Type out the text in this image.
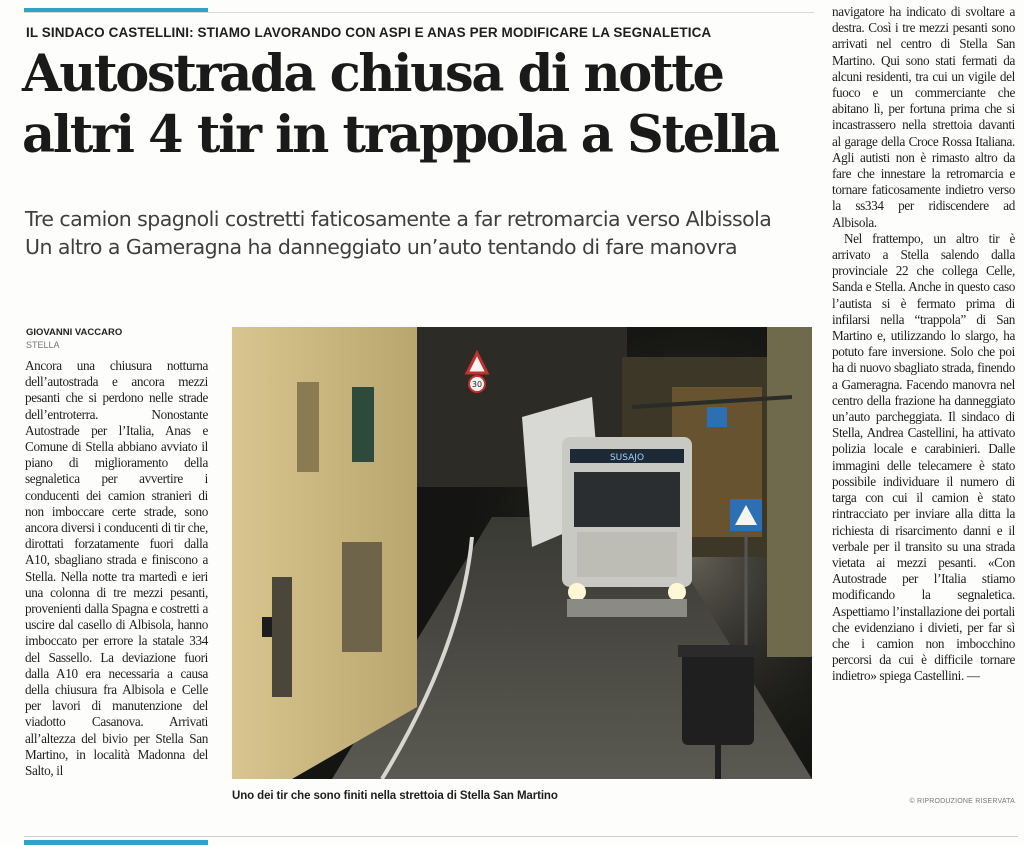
IL SINDACO CASTELLINI: STIAMO LAVORANDO CON ASPI E ANAS PER MODIFICARE LA SEGNALETICA
Autostrada chiusa di notte
altri 4 tir in trappola a Stella
Tre camion spagnoli costretti faticosamente a far retromarcia verso Albissola
Un altro a Gameragna ha danneggiato un’auto tentando di fare manovra
GIOVANNI VACCARO
STELLA

Ancora una chiusura notturna dell’autostrada e ancora mezzi pesanti che si perdono nelle strade dell’entroterra. Nonostante Autostrade per l’Italia, Anas e Comune di Stella abbiano avviato il piano di miglioramento della segnaletica per avvertire i conducenti dei camion stranieri di non imboccare certe strade, sono ancora diversi i conducenti di tir che, dirottati forzatamente fuori dalla A10, sbagliano strada e finiscono a Stella. Nella notte tra martedì e ieri una colonna di tre mezzi pesanti, provenienti dalla Spagna e costretti a uscire dal casello di Albisola, hanno imboccato per errore la statale 334 del Sassello. La deviazione fuori dalla A10 era necessaria a causa della chiusura fra Albisola e Celle per lavori di manutenzione del viadotto Casanova. Arrivati all’altezza del bivio per Stella San Martino, in località Madonna del Salto, il

navigatore ha indicato di svoltare a destra. Così i tre mezzi pesanti sono arrivati nel centro di Stella San Martino. Qui sono stati fermati da alcuni residenti, tra cui un vigile del fuoco e un commerciante che abitano lì, per fortuna prima che si incastrassero nella strettoia davanti al garage della Croce Rossa Italiana. Agli autisti non è rimasto altro da fare che innestare la retromarcia e tornare faticosamente indietro verso la ss334 per ridiscendere ad Albisola.

Nel frattempo, un altro tir è arrivato a Stella salendo dalla provinciale 22 che collega Celle, Sanda e Stella. Anche in questo caso l’autista si è fermato prima di infilarsi nella “trappola” di San Martino e, utilizzando lo slargo, ha potuto fare inversione. Solo che poi ha di nuovo sbagliato strada, finendo a Gameragna. Facendo manovra nel centro della frazione ha danneggiato un’auto parcheggiata. Il sindaco di Stella, Andrea Castellini, ha attivato polizia locale e carabinieri. Dalle immagini delle telecamere è stato possibile individuare il numero di targa con cui il camion è stato rintracciato per inviare alla ditta la richiesta di risarcimento danni e il verbale per il transito su una strada vietata ai mezzi pesanti. «Con Autostrade per l’Italia stiamo modificando la segnaletica. Aspettiamo l’installazione dei portali che evidenziano i divieti, per far sì che i camion non imbocchino percorsi da cui è difficile tornare indietro» spiega Castellini. —

SUSAJO
30
Uno dei tir che sono finiti nella strettoia di Stella San Martino	© RIPRODUZIONE RISERVATA
